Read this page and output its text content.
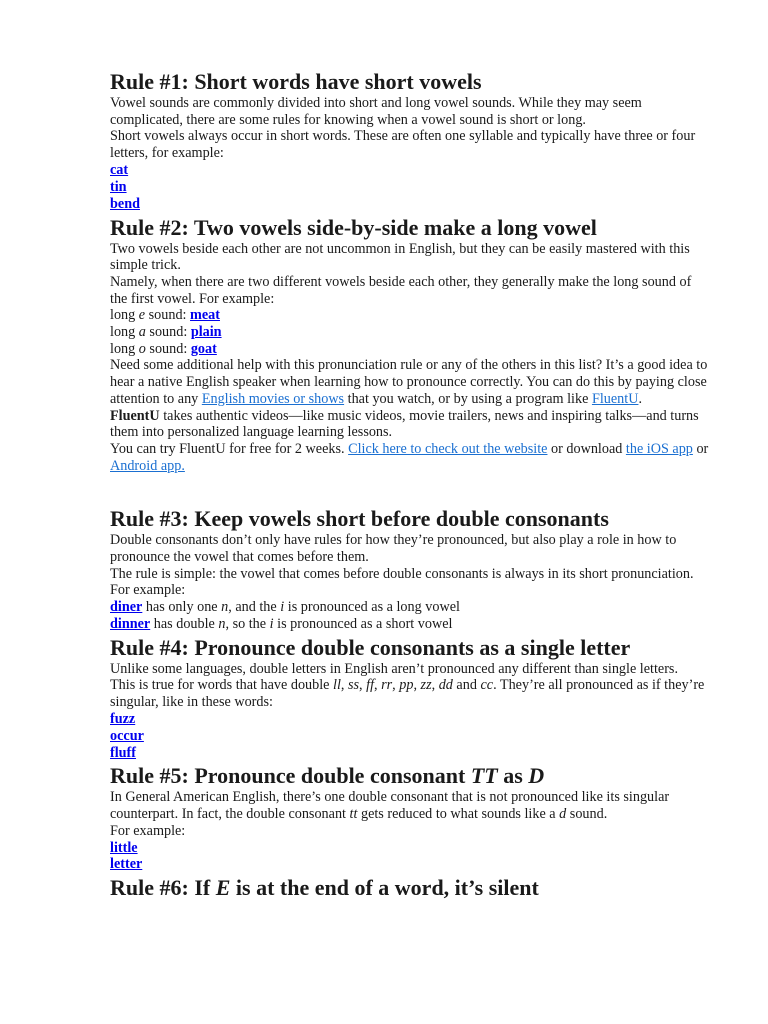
Rule #1: Short words have short vowels

Vowel sounds are commonly divided into short and long vowel sounds. While they may seem complicated, there are some rules for knowing when a vowel sound is short or long.

Short vowels always occur in short words. These are often one syllable and typically have three or four letters, for example:

cat
tin
bend
Rule #2: Two vowels side-by-side make a long vowel

Two vowels beside each other are not uncommon in English, but they can be easily mastered with this simple trick.

Namely, when there are two different vowels beside each other, they generally make the long sound of the first vowel. For example:

long e sound: meat

long a sound: plain

long o sound: goat

Need some additional help with this pronunciation rule or any of the others in this list? It’s a good idea to hear a native English speaker when learning how to pronounce correctly. You can do this by paying close attention to any English movies or shows that you watch, or by using a program like FluentU.

FluentU takes authentic videos—like music videos, movie trailers, news and inspiring talks—and turns them into personalized language learning lessons.

You can try FluentU for free for 2 weeks. Click here to check out the website or download the iOS app or Android app.

Rule #3: Keep vowels short before double consonants

Double consonants don’t only have rules for how they’re pronounced, but also play a role in how to pronounce the vowel that comes before them.

The rule is simple: the vowel that comes before double consonants is always in its short pronunciation. For example:

diner has only one n, and the i is pronounced as a long vowel

dinner has double n, so the i is pronounced as a short vowel

Rule #4: Pronounce double consonants as a single letter

Unlike some languages, double letters in English aren’t pronounced any different than single letters.

This is true for words that have double ll, ss, ff, rr, pp, zz, dd and cc. They’re all pronounced as if they’re singular, like in these words:

fuzz
occur
fluff
Rule #5: Pronounce double consonant TT as D

In General American English, there’s one double consonant that is not pronounced like its singular counterpart. In fact, the double consonant tt gets reduced to what sounds like a d sound.

For example:

little
letter
Rule #6: If E is at the end of a word, it’s silent
